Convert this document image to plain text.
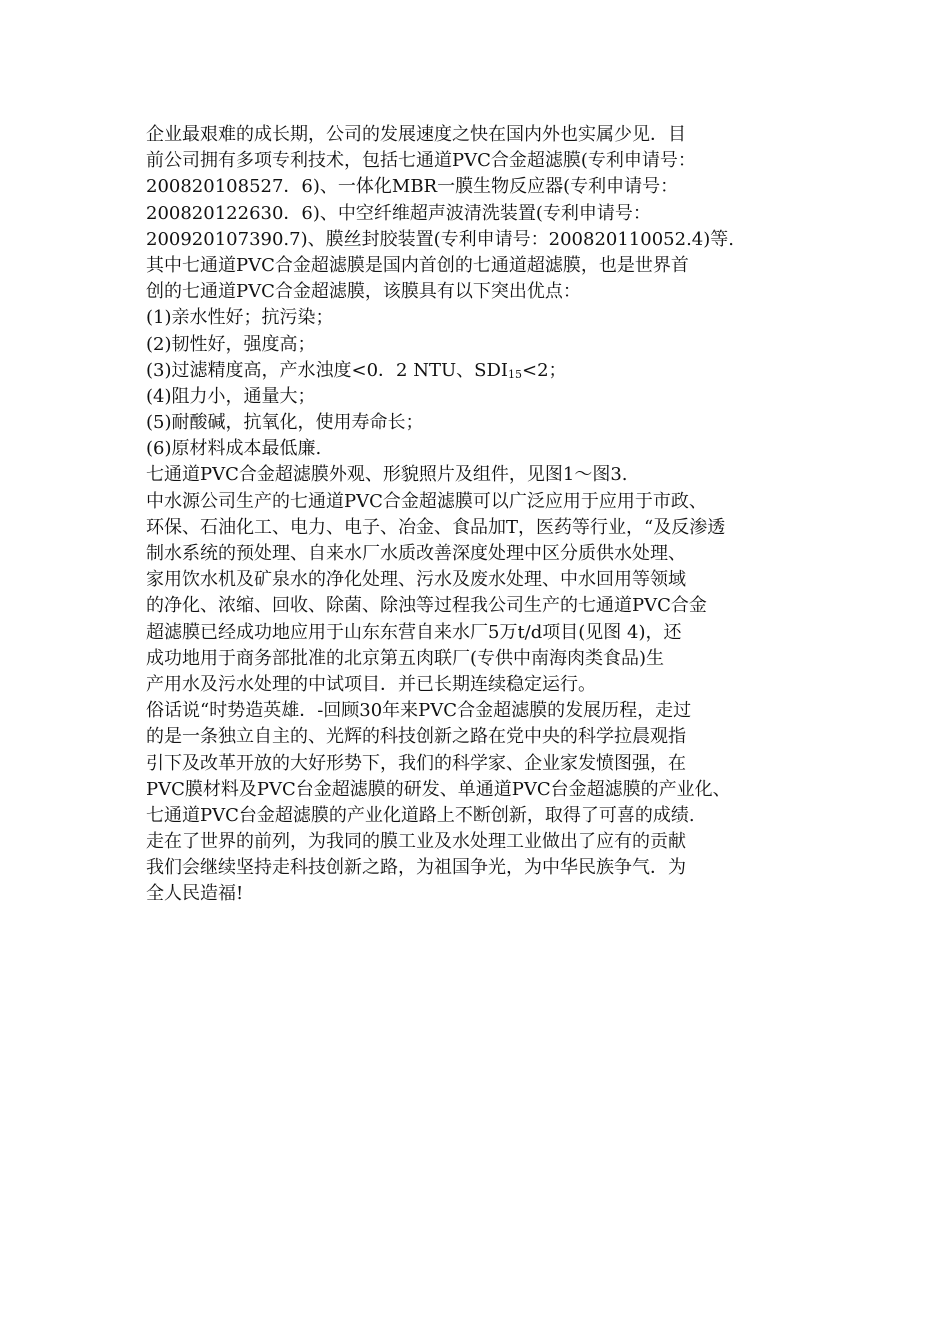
企业最艰难的成长期，公司的发展速度之快在国内外也实属少见．目
前公司拥有多项专利技术，包括七通道PVC合金超滤膜(专利申请号：
200820108527．6)、一体化MBR一膜生物反应器(专利申请号：
200820122630．6)、中空纤维超声波清洗装置(专利申请号：
200920107390.7)、膜丝封胶装置(专利申请号：200820110052.4)等.
其中七通道PVC合金超滤膜是国内首创的七通道超滤膜，也是世界首
创的七通道PVC合金超滤膜，该膜具有以下突出优点：
(1)亲水性好；抗污染；
(2)韧性好，强度高；
(3)过滤精度高，产水浊度<0．2 NTU、SDI15<2；
(4)阻力小，通量大；
(5)耐酸碱，抗氧化，使用寿命长；
(6)原材料成本最低廉.
七通道PVC合金超滤膜外观、形貌照片及组件，见图1～图3.
中水源公司生产的七通道PVC合金超滤膜可以广泛应用于应用于市政、
环保、石油化工、电力、电子、冶金、食品加T，医药等行业，“及反渗透
制水系统的预处理、自来水厂水质改善深度处理中区分质供水处理、
家用饮水机及矿泉水的净化处理、污水及废水处理、中水回用等领域
的净化、浓缩、回收、除菌、除浊等过程我公司生产的七通道PVC合金
超滤膜已经成功地应用于山东东营自来水厂5万t/d项目(见图 4)，还
成功地用于商务部批准的北京第五肉联厂(专供中南海肉类食品)生
产用水及污水处理的中试项目．并已长期连续稳定运行。
俗话说“时势造英雄．-回顾30年来PVC合金超滤膜的发展历程，走过
的是一条独立自主的、光辉的科技创新之路在党中央的科学拉晨观指
引下及改革开放的大好形势下，我们的科学家、企业家发愤图强，在
PVC膜材料及PVC台金超滤膜的研发、单通道PVC台金超滤膜的产业化、
七通道PVC台金超滤膜的产业化道路上不断创新，取得了可喜的成绩.
走在了世界的前列，为我同的膜工业及水处理工业做出了应有的贡献
我们会继续坚持走科技创新之路，为祖国争光，为中华民族争气．为
全人民造福!
